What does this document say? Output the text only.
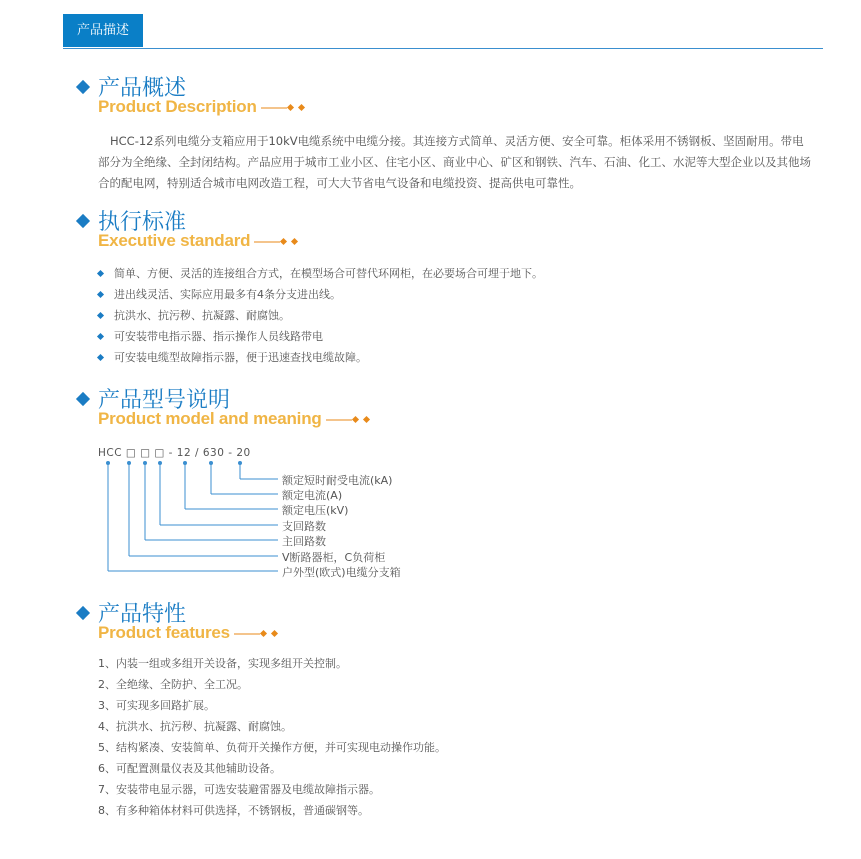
产品描述
产品概述
Product Description
HCC-12系列电缆分支箱应用于10kV电缆系统中电缆分接。其连接方式简单、灵活方便、安全可靠。柜体采用不锈钢板、坚固耐用。带电部分为全绝缘、全封闭结构。产品应用于城市工业小区、住宅小区、商业中心、矿区和钢铁、汽车、石油、化工、水泥等大型企业以及其他场合的配电网，特别适合城市电网改造工程，可大大节省电气设备和电缆投资、提高供电可靠性。
执行标准
Executive standard
简单、方便、灵活的连接组合方式，在模型场合可替代环网柜，在必要场合可埋于地下。
进出线灵活、实际应用最多有4条分支进出线。
抗洪水、抗污秽、抗凝露、耐腐蚀。
可安装带电指示器、指示操作人员线路带电
可安装电缆型故障指示器，便于迅速查找电缆故障。
产品型号说明
Product model and meaning
HCC □ □ □ - 12 / 630 - 20
额定短时耐受电流(kA)
额定电流(A)
额定电压(kV)
支回路数
主回路数
V断路器柜，C负荷柜
户外型(欧式)电缆分支箱
产品特性
Product features
1、内装一组或多组开关设备，实现多组开关控制。
2、全绝缘、全防护、全工况。
3、可实现多回路扩展。
4、抗洪水、抗污秽、抗凝露、耐腐蚀。
5、结构紧凑、安装简单、负荷开关操作方便，并可实现电动操作功能。
6、可配置测量仪表及其他辅助设备。
7、安装带电显示器，可选安装避雷器及电缆故障指示器。
8、有多种箱体材料可供选择，不锈钢板，普通碳钢等。
